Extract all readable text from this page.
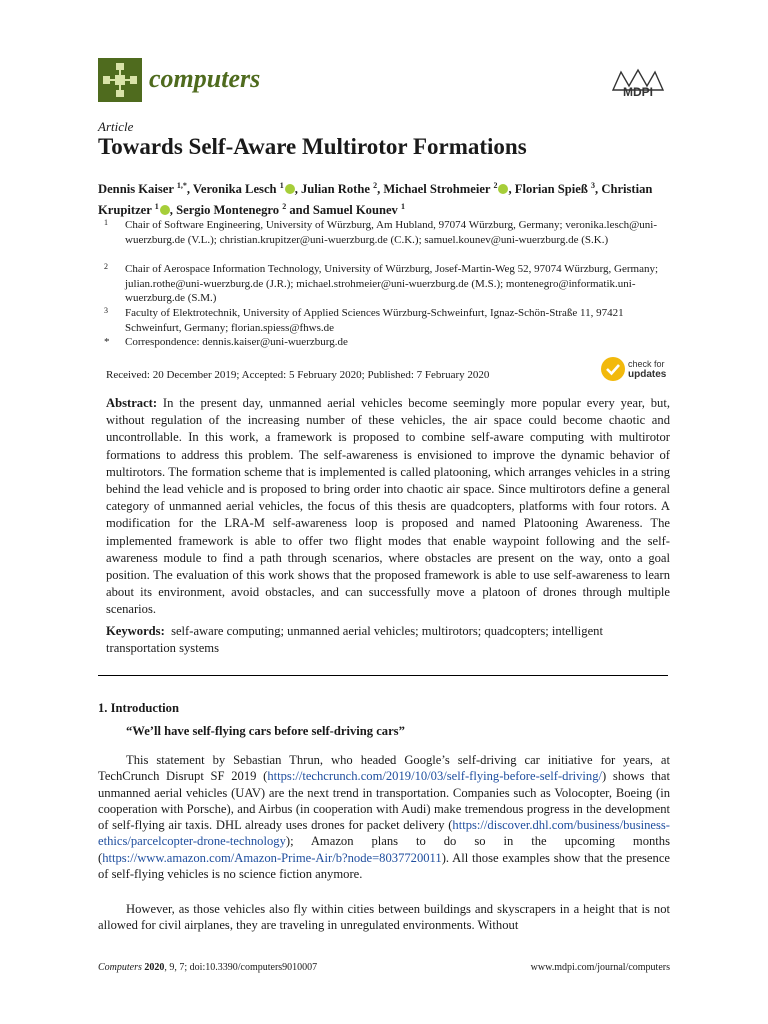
computers	MDPI
Article
Towards Self-Aware Multirotor Formations
Dennis Kaiser $^{1,*}$, Veronika Lesch $^1$ , Julian Rothe $^2$, Michael Strohmeier $^2$ , Florian Spieß $^3$, Christian Krupitzer $^1$ , Sergio Montenegro $^2$ and Samuel Kounev $^1$
1 Chair of Software Engineering, University of Würzburg, Am Hubland, 97074 Würzburg, Germany; veronika.lesch@uni-wuerzburg.de (V.L.); christian.krupitzer@uni-wuerzburg.de (C.K.); samuel.kounev@uni-wuerzburg.de (S.K.)
2 Chair of Aerospace Information Technology, University of Würzburg, Josef-Martin-Weg 52, 97074 Würzburg, Germany; julian.rothe@uni-wuerzburg.de (J.R.); michael.strohmeier@uni-wuerzburg.de (M.S.); montenegro@informatik.uni-wuerzburg.de (S.M.)
3 Faculty of Elektrotechnik, University of Applied Sciences Würzburg-Schweinfurt, Ignaz-Schön-Straße 11, 97421 Schweinfurt, Germany; florian.spiess@fhws.de
* Correspondence: dennis.kaiser@uni-wuerzburg.de
Received: 20 December 2019; Accepted: 5 February 2020; Published: 7 February 2020
check for
updates
Abstract: In the present day, unmanned aerial vehicles become seemingly more popular every year, but, without regulation of the increasing number of these vehicles, the air space could become chaotic and uncontrollable. In this work, a framework is proposed to combine self-aware computing with multirotor formations to address this problem. The self-awareness is envisioned to improve the dynamic behavior of multirotors. The formation scheme that is implemented is called platooning, which arranges vehicles in a string behind the lead vehicle and is proposed to bring order into chaotic air space. Since multirotors define a general category of unmanned aerial vehicles, the focus of this thesis are quadcopters, platforms with four rotors. A modification for the LRA-M self-awareness loop is proposed and named Platooning Awareness. The implemented framework is able to offer two flight modes that enable waypoint following and the self-awareness module to find a path through scenarios, where obstacles are present on the way, onto a goal position. The evaluation of this work shows that the proposed framework is able to use self-awareness to learn about its environment, avoid obstacles, and can successfully move a platoon of drones through multiple scenarios.
Keywords: self-aware computing; unmanned aerial vehicles; multirotors; quadcopters; intelligent transportation systems
1. Introduction
“We’ll have self-flying cars before self-driving cars”
This statement by Sebastian Thrun, who headed Google’s self-driving car initiative for years, at TechCrunch Disrupt SF 2019 (https://techcrunch.com/2019/10/03/self-flying-before-self-driving/) shows that unmanned aerial vehicles (UAV) are the next trend in transportation. Companies such as Volocopter, Boeing (in cooperation with Porsche), and Airbus (in cooperation with Audi) make tremendous progress in the development of self-flying air taxis. DHL already uses drones for packet delivery (https://discover.dhl.com/business/business-ethics/parcelcopter-drone-technology); Amazon plans to do so in the upcoming months (https://www.amazon.com/Amazon-Prime-Air/b?node=8037720011). All those examples show that the presence of self-flying vehicles is no science fiction anymore.
However, as those vehicles also fly within cities between buildings and skyscrapers in a height that is not allowed for civil airplanes, they are traveling in unregulated environments. Without
Computers 2020, 9, 7; doi:10.3390/computers9010007	www.mdpi.com/journal/computers
